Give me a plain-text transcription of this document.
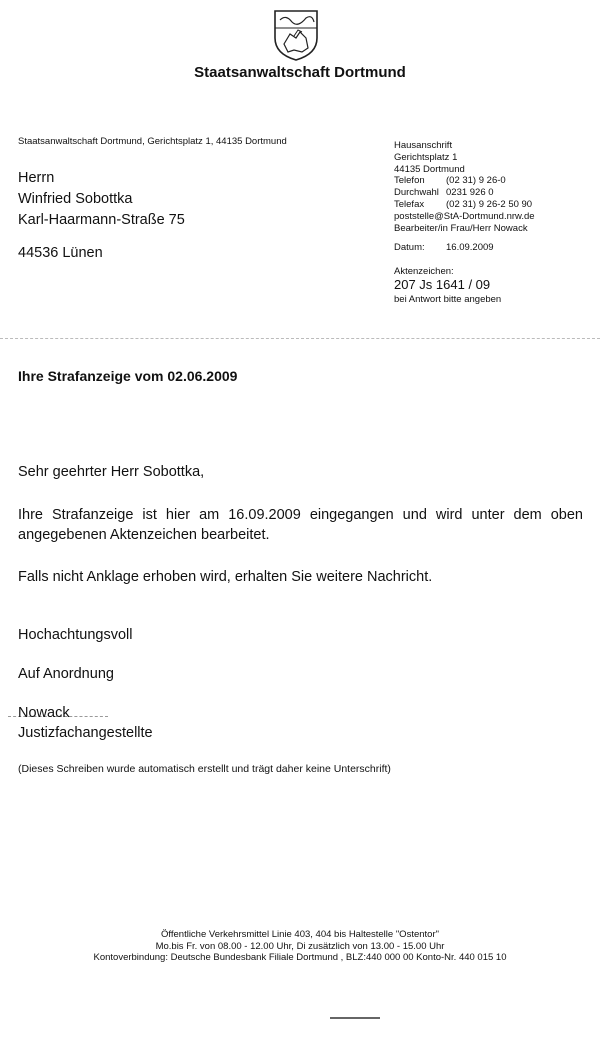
Staatsanwaltschaft Dortmund
Staatsanwaltschaft Dortmund, Gerichtsplatz 1, 44135 Dortmund
Herrn
Winfried Sobottka
Karl-Haarmann-Straße 75
44536 Lünen
Hausanschrift
Gerichtsplatz 1
44135 Dortmund
Telefon (02 31) 9 26-0
Durchwahl 0231 926 0
Telefax (02 31) 9 26-2 50 90
poststelle@StA-Dortmund.nrw.de
Bearbeiter/in Frau/Herr Nowack
Datum: 16.09.2009
Aktenzeichen:
207 Js 1641 / 09
bei Antwort bitte angeben
Ihre Strafanzeige vom 02.06.2009
Sehr geehrter Herr Sobottka,
Ihre Strafanzeige ist hier am 16.09.2009 eingegangen und wird unter dem oben angegebenen Aktenzeichen bearbeitet.
Falls nicht Anklage erhoben wird, erhalten Sie weitere Nachricht.
Hochachtungsvoll
Auf Anordnung
Nowack
Justizfachangestellte
(Dieses Schreiben wurde automatisch erstellt und trägt daher keine Unterschrift)
Öffentliche Verkehrsmittel Linie 403, 404 bis Haltestelle "Ostentor"
Mo.bis Fr. von 08.00 - 12.00 Uhr, Di zusätzlich von 13.00 - 15.00 Uhr
Kontoverbindung: Deutsche Bundesbank Filiale Dortmund , BLZ:440 000 00 Konto-Nr. 440 015 10
